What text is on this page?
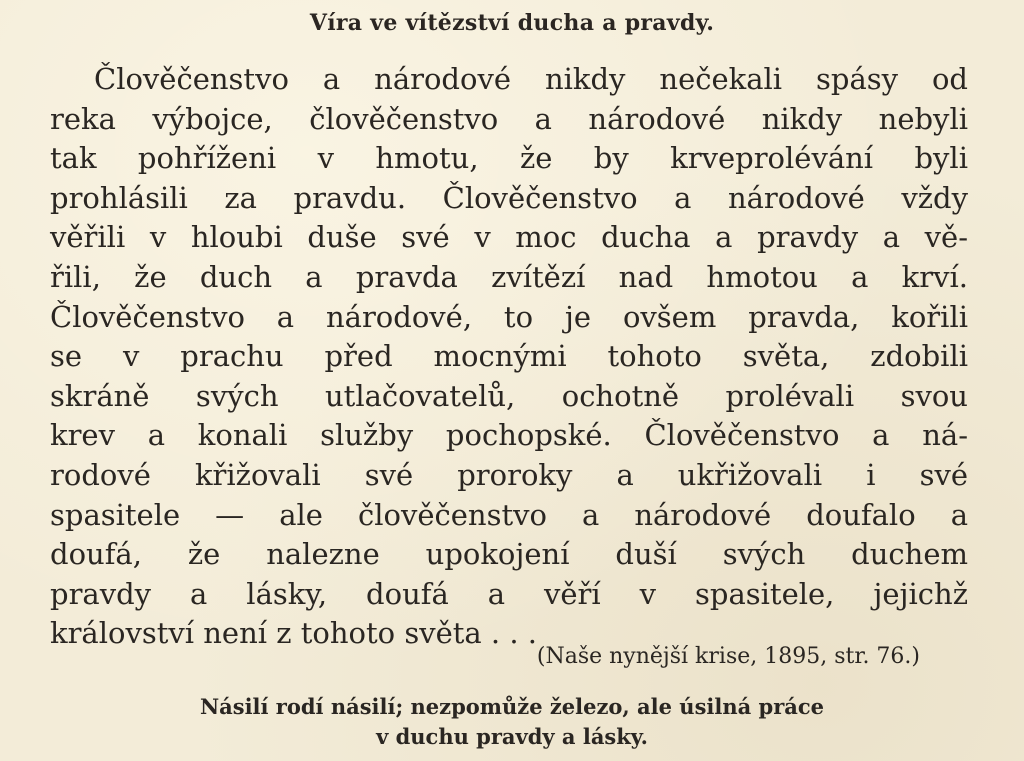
Víra ve vítězství ducha a pravdy.
Člověčenstvo a národové nikdy nečekali spásy od
reka výbojce, člověčenstvo a národové nikdy nebyli
tak pohříženi v hmotu, že by krveprolévání byli
prohlásili za pravdu. Člověčenstvo a národové vždy
věřili v hloubi duše své v moc ducha a pravdy a vě-
řili, že duch a pravda zvítězí nad hmotou a krví.
Člověčenstvo a národové, to je ovšem pravda, kořili
se v prachu před mocnými tohoto světa, zdobili
skráně svých utlačovatelů, ochotně prolévali svou
krev a konali služby pochopské. Člověčenstvo a ná-
rodové křižovali své proroky a ukřižovali i své
spasitele — ale člověčenstvo a národové doufalo a
doufá, že nalezne upokojení duší svých duchem
pravdy a lásky, doufá a věří v spasitele, jejichž
království není z tohoto světa . . .
(Naše nynější krise, 1895, str. 76.)
Násilí rodí násilí; nezpomůže železo, ale úsilná práce
v duchu pravdy a lásky.
